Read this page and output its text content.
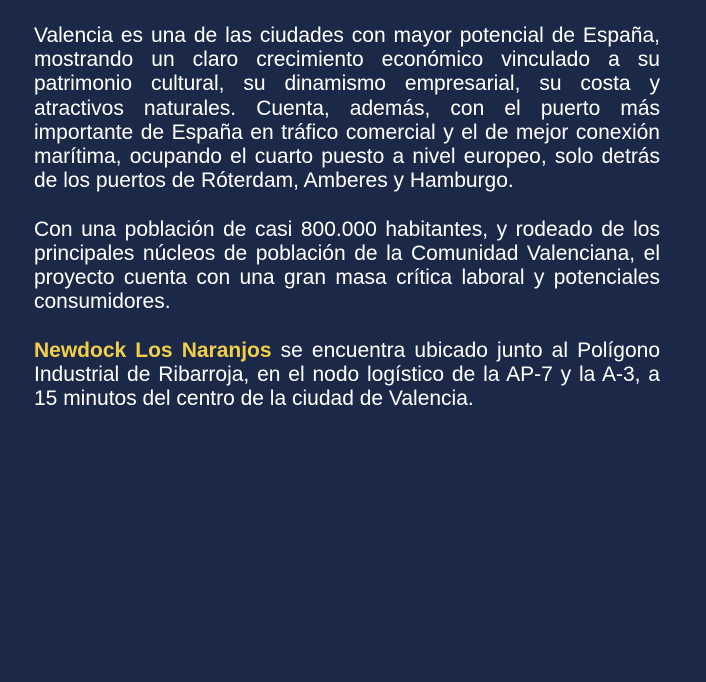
Valencia es una de las ciudades con mayor potencial de España, mostrando un claro crecimiento económico vinculado a su patrimonio cultural, su dinamismo empresarial, su costa y atractivos naturales. Cuenta, además, con el puerto más importante de España en tráfico comercial y el de mejor conexión marítima, ocupando el cuarto puesto a nivel europeo, solo detrás de los puertos de Róterdam, Amberes y Hamburgo.

Con una población de casi 800.000 habitantes, y rodeado de los principales núcleos de población de la Comunidad Valenciana, el proyecto cuenta con una gran masa crítica laboral y potenciales consumidores.

Newdock Los Naranjos se encuentra ubicado junto al Polígono Industrial de Ribarroja, en el nodo logístico de la AP-7 y la A-3, a 15 minutos del centro de la ciudad de Valencia.
